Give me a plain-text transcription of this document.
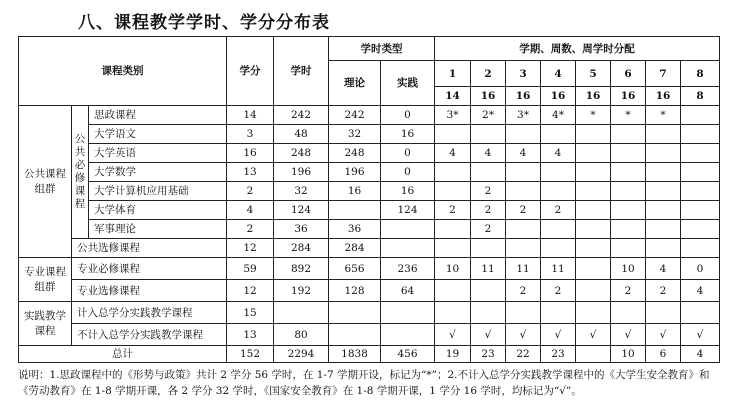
八、课程教学学时、学分分布表
课程类别			学分	学时	学时类型		学期、周数、周学时分配							
					理论	实践	1	2	3	4	5	6	7	8
							14	16	16	16	16	16	16	8
公共课程组群	公共必修课程	思政课程	14	242	242	0	3*	2*	3*	4*	*	*	*	
		大学语文	3	48	32	16								
		大学英语	16	248	248	0	4	4	4	4				
		大学数学	13	196	196	0								
		大学计算机应用基础	2	32	16	16		2						
		大学体育	4	124		124	2	2	2	2				
		军事理论	2	36	36			2						
	公共选修课程		12	284	284									
专业课程组群	专业必修课程		59	892	656	236	10	11	11	11		10	4	0
	专业选修课程		12	192	128	64			2	2		2	2	4
实践教学课程	计入总学分实践教学课程		15											
	不计入总学分实践教学课程		13	80			√	√	√	√	√	√	√	√
总计			152	2294	1838	456	19	23	22	23		10	6	4
说明：1.思政课程中的《形势与政策》共计 2 学分 56 学时，在 1-7 学期开设，标记为“*”；2.不计入总学分实践教学课程中的《大学生安全教育》和《劳动教育》在 1-8 学期开课，各 2 学分 32 学时，《国家安全教育》在 1-8 学期开课，1 学分 16 学时，均标记为“√”。
